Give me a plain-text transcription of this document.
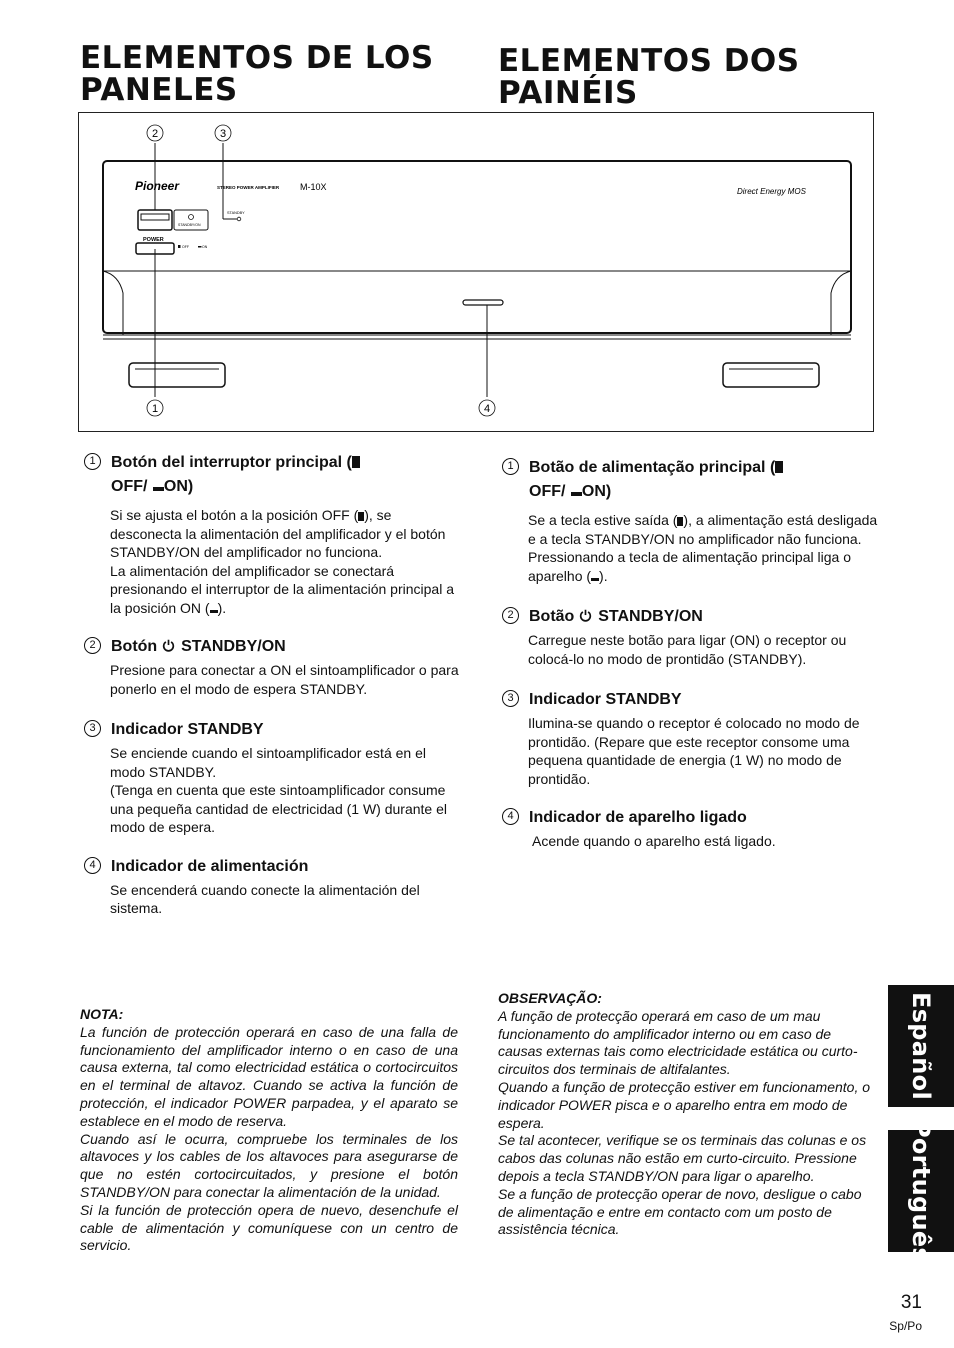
ELEMENTOS DE LOS PANELES
ELEMENTOS DOS PAINÉIS
Pioneer	STEREO POWER AMPLIFIER M-10X	Direct Energy MOS
STANDBY/ON
STANDBY
POWER
OFF	ON
2	3
1	4
1 Botón del interruptor principal (
OFF/ ON)

Si se ajusta el botón a la posición OFF ( ), se desconecta la alimentación del amplificador y el botón STANDBY/ON del amplificador no funciona.

La alimentación del amplificador se conectará presionando el interruptor de la alimentación principal a la posición ON ( ).

2 Botón STANDBY/ON
Presione para conectar a ON el sintoamplificador o para ponerlo en el modo de espera STANDBY.
3 Indicador STANDBY

Se enciende cuando el sintoamplificador está en el modo STANDBY.

(Tenga en cuenta que este sintoamplificador consume una pequeña cantidad de electricidad (1 W) durante el modo de espera.

4 Indicador de alimentación
Se encenderá cuando conecte la alimentación del sistema.
1 Botão de alimentação principal (
OFF/ ON)

Se a tecla estive saída ( ), a alimentação está desligada e a tecla STANDBY/ON no amplificador não funciona.

Pressionando a tecla de alimentação principal liga o aparelho ( ).

2 Botão STANDBY/ON
Carregue neste botão para ligar (ON) o receptor ou colocá-lo no modo de prontidão (STANDBY).
3 Indicador STANDBY
Ilumina-se quando o receptor é colocado no modo de prontidão. (Repare que este receptor consome uma pequena quantidade de energia (1 W) no modo de prontidão.
4 Indicador de aparelho ligado
Acende quando o aparelho está ligado.

NOTA:

La función de protección operará en caso de una falla de funcionamiento del amplificador interno o en caso de una causa externa, tal como electricidad estática o cortocircuitos en el terminal de altavoz. Cuando se activa la función de protección, el indicador POWER parpadea, y el aparato se establece en el modo de reserva.

Cuando así le ocurra, compruebe los terminales de los altavoces y los cables de los altavoces para asegurarse de que no estén cortocircuitados, y presione el botón STANDBY/ON para conectar la alimentación de la unidad.

Si la función de protección opera de nuevo, desenchufe el cable de alimentación y comuníquese con un centro de servicio.

OBSERVAÇÃO:

A função de protecção operará em caso de um mau funcionamento do amplificador interno ou em caso de causas externas tais como electricidade estática ou curto-circuitos dos terminais de altifalantes.

Quando a função de protecção estiver em funcionamento, o indicador POWER pisca e o aparelho entra em modo de espera.

Se tal acontecer, verifique se os terminais das colunas e os cabos das colunas não estão em curto-circuito. Pressione depois a tecla STANDBY/ON para ligar o aparelho.

Se a função de protecção operar de novo, desligue o cabo de alimentação e entre em contacto com um posto de assistência técnica.

Español
Português
31
Sp/Po
